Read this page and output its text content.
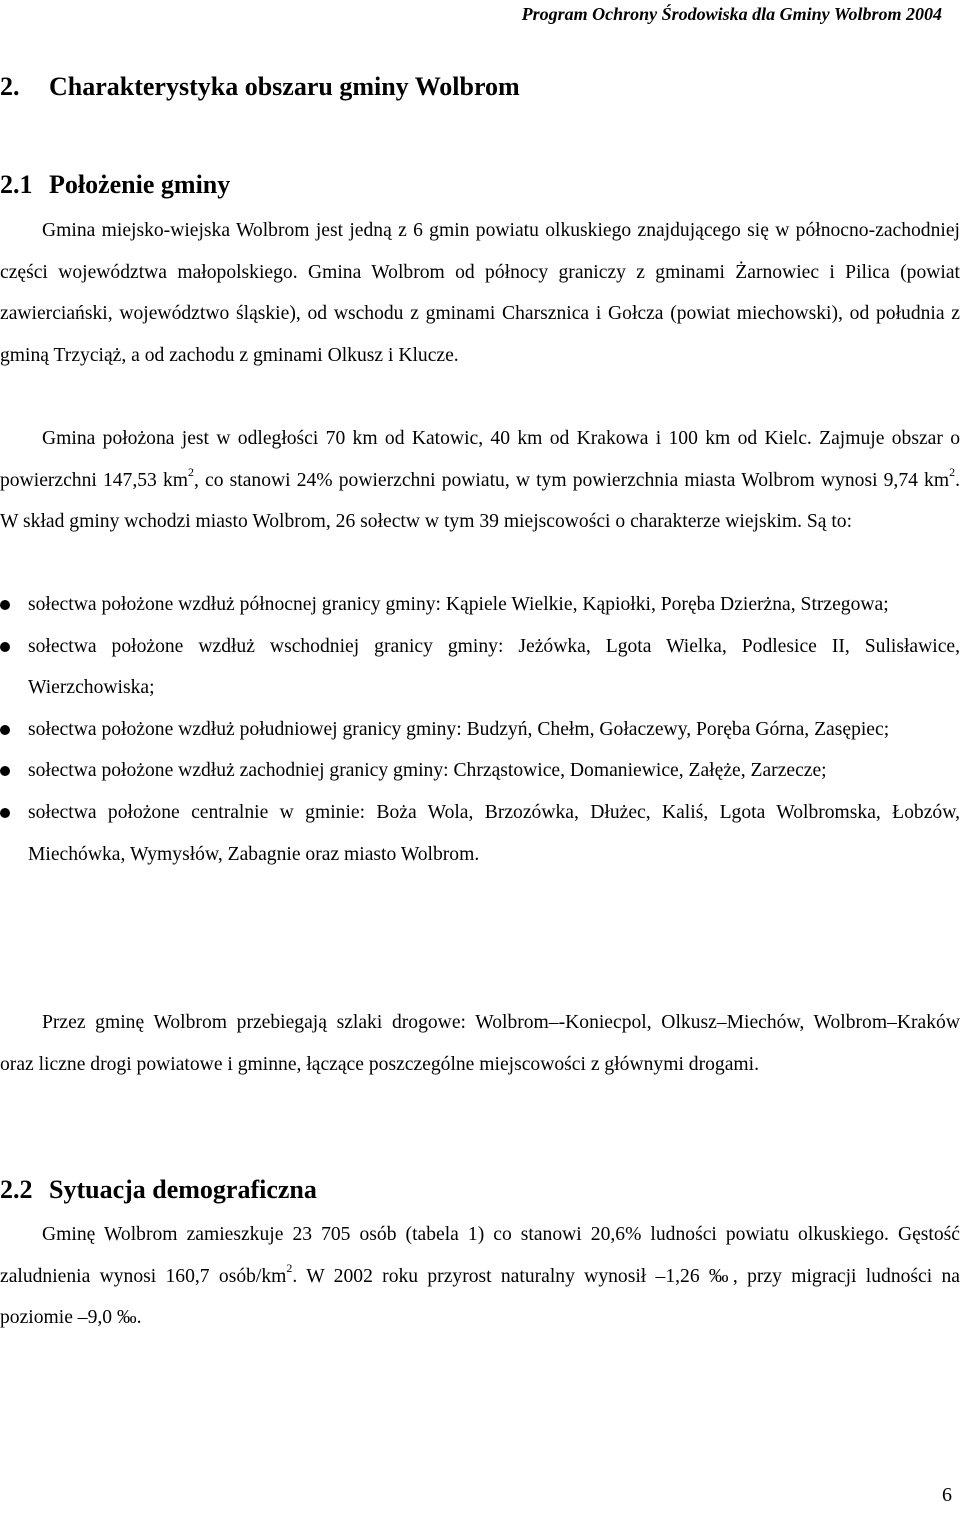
Program Ochrony Środowiska dla Gminy Wolbrom 2004
2. Charakterystyka obszaru gminy Wolbrom
2.1 Położenie gminy

Gmina miejsko-wiejska Wolbrom jest jedną z 6 gmin powiatu olkuskiego znajdującego się w północno-zachodniej części województwa małopolskiego. Gmina Wolbrom od północy graniczy z gminami Żarnowiec i Pilica (powiat zawierciański, województwo śląskie), od wschodu z gminami Charsznica i Gołcza (powiat miechowski), od południa z gminą Trzyciąż, a od zachodu z gminami Olkusz i Klucze.

Gmina położona jest w odległości 70 km od Katowic, 40 km od Krakowa i 100 km od Kielc. Zajmuje obszar o powierzchni 147,53 $km^2$, co stanowi 24% powierzchni powiatu, w tym powierzchnia miasta Wolbrom wynosi 9,74 $km^2$. W skład gminy wchodzi miasto Wolbrom, 26 sołectw w tym 39 miejscowości o charakterze wiejskim. Są to:

sołectwa położone wzdłuż północnej granicy gminy: Kąpiele Wielkie, Kąpiołki, Poręba Dzierżna, Strzegowa;
sołectwa położone wzdłuż wschodniej granicy gminy: Jeżówka, Lgota Wielka, Podlesice II, Sulisławice, Wierzchowiska;
sołectwa położone wzdłuż południowej granicy gminy: Budzyń, Chełm, Gołaczewy, Poręba Górna, Zasępiec;
sołectwa położone wzdłuż zachodniej granicy gminy: Chrząstowice, Domaniewice, Załęże, Zarzecze;
sołectwa położone centralnie w gminie: Boża Wola, Brzozówka, Dłużec, Kaliś, Lgota Wolbromska, Łobzów, Miechówka, Wymysłów, Zabagnie oraz miasto Wolbrom.

Przez gminę Wolbrom przebiegają szlaki drogowe: Wolbrom–-Koniecpol, Olkusz–Miechów, Wolbrom–Kraków oraz liczne drogi powiatowe i gminne, łączące poszczególne miejscowości z głównymi drogami.

2.2 Sytuacja demograficzna

Gminę Wolbrom zamieszkuje 23 705 osób (tabela 1) co stanowi 20,6% ludności powiatu olkuskiego. Gęstość zaludnienia wynosi 160,7 osób/$km^2$. W 2002 roku przyrost naturalny wynosił –1,26 ‰, przy migracji ludności na poziomie –9,0 ‰.

6
